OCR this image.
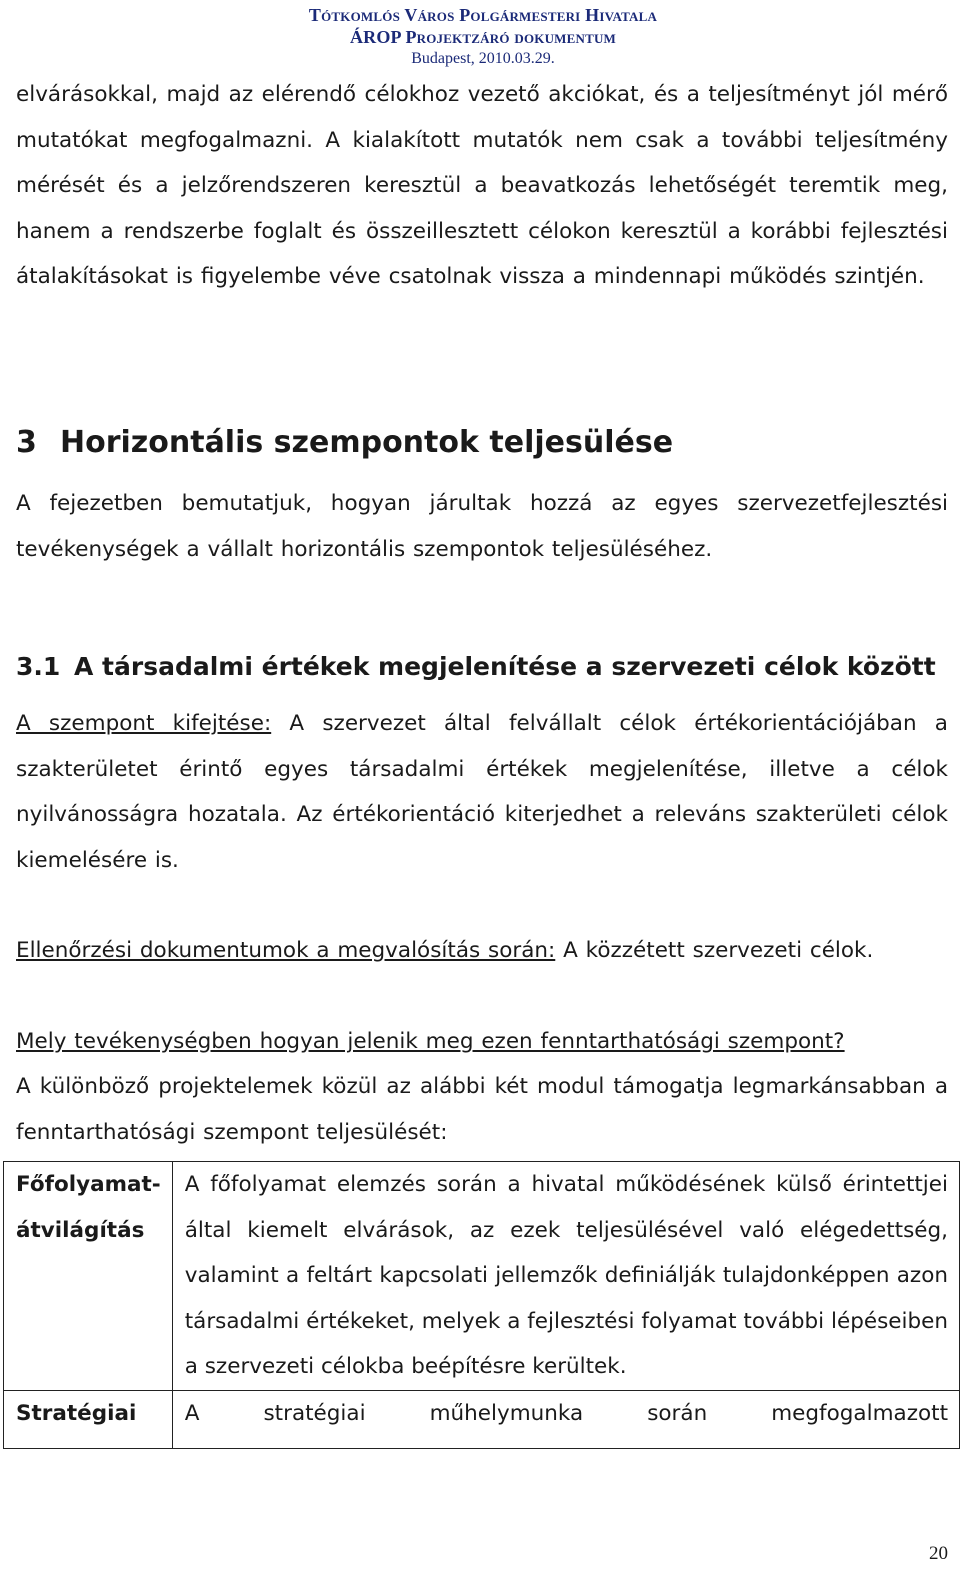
Tótkomlós Város Polgármesteri Hivatala
ÁROP Projektzáró dokumentum
Budapest, 2010.03.29.
elvárásokkal, majd az elérendő célokhoz vezető akciókat, és a teljesítményt jól mérő mutatókat megfogalmazni. A kialakított mutatók nem csak a további teljesítmény mérését és a jelzőrendszeren keresztül a beavatkozás lehetőségét teremtik meg, hanem a rendszerbe foglalt és összeillesztett célokon keresztül a korábbi fejlesztési átalakításokat is figyelembe véve csatolnak vissza a mindennapi működés szintjén.
3 Horizontális szempontok teljesülése
A fejezetben bemutatjuk, hogyan járultak hozzá az egyes szervezetfejlesztési tevékenységek a vállalt horizontális szempontok teljesüléséhez.
3.1 A társadalmi értékek megjelenítése a szervezeti célok között
A szempont kifejtése: A szervezet által felvállalt célok értékorientációjában a szakterületet érintő egyes társadalmi értékek megjelenítése, illetve a célok nyilvánosságra hozatala. Az értékorientáció kiterjedhet a releváns szakterületi célok kiemelésére is.
Ellenőrzési dokumentumok a megvalósítás során: A közzétett szervezeti célok.
Mely tevékenységben hogyan jelenik meg ezen fenntarthatósági szempont?
A különböző projektelemek közül az alábbi két modul támogatja legmarkánsabban a fenntarthatósági szempont teljesülését:
Főfolyamat-átvilágítás	A főfolyamat elemzés során a hivatal működésének külső érintettjei által kiemelt elvárások, az ezek teljesülésével való elégedettség, valamint a feltárt kapcsolati jellemzők definiálják tulajdonképpen azon társadalmi értékeket, melyek a fejlesztési folyamat további lépéseiben a szervezeti célokba beépítésre kerültek.
Stratégiai	A stratégiai műhelymunka során megfogalmazott
20
